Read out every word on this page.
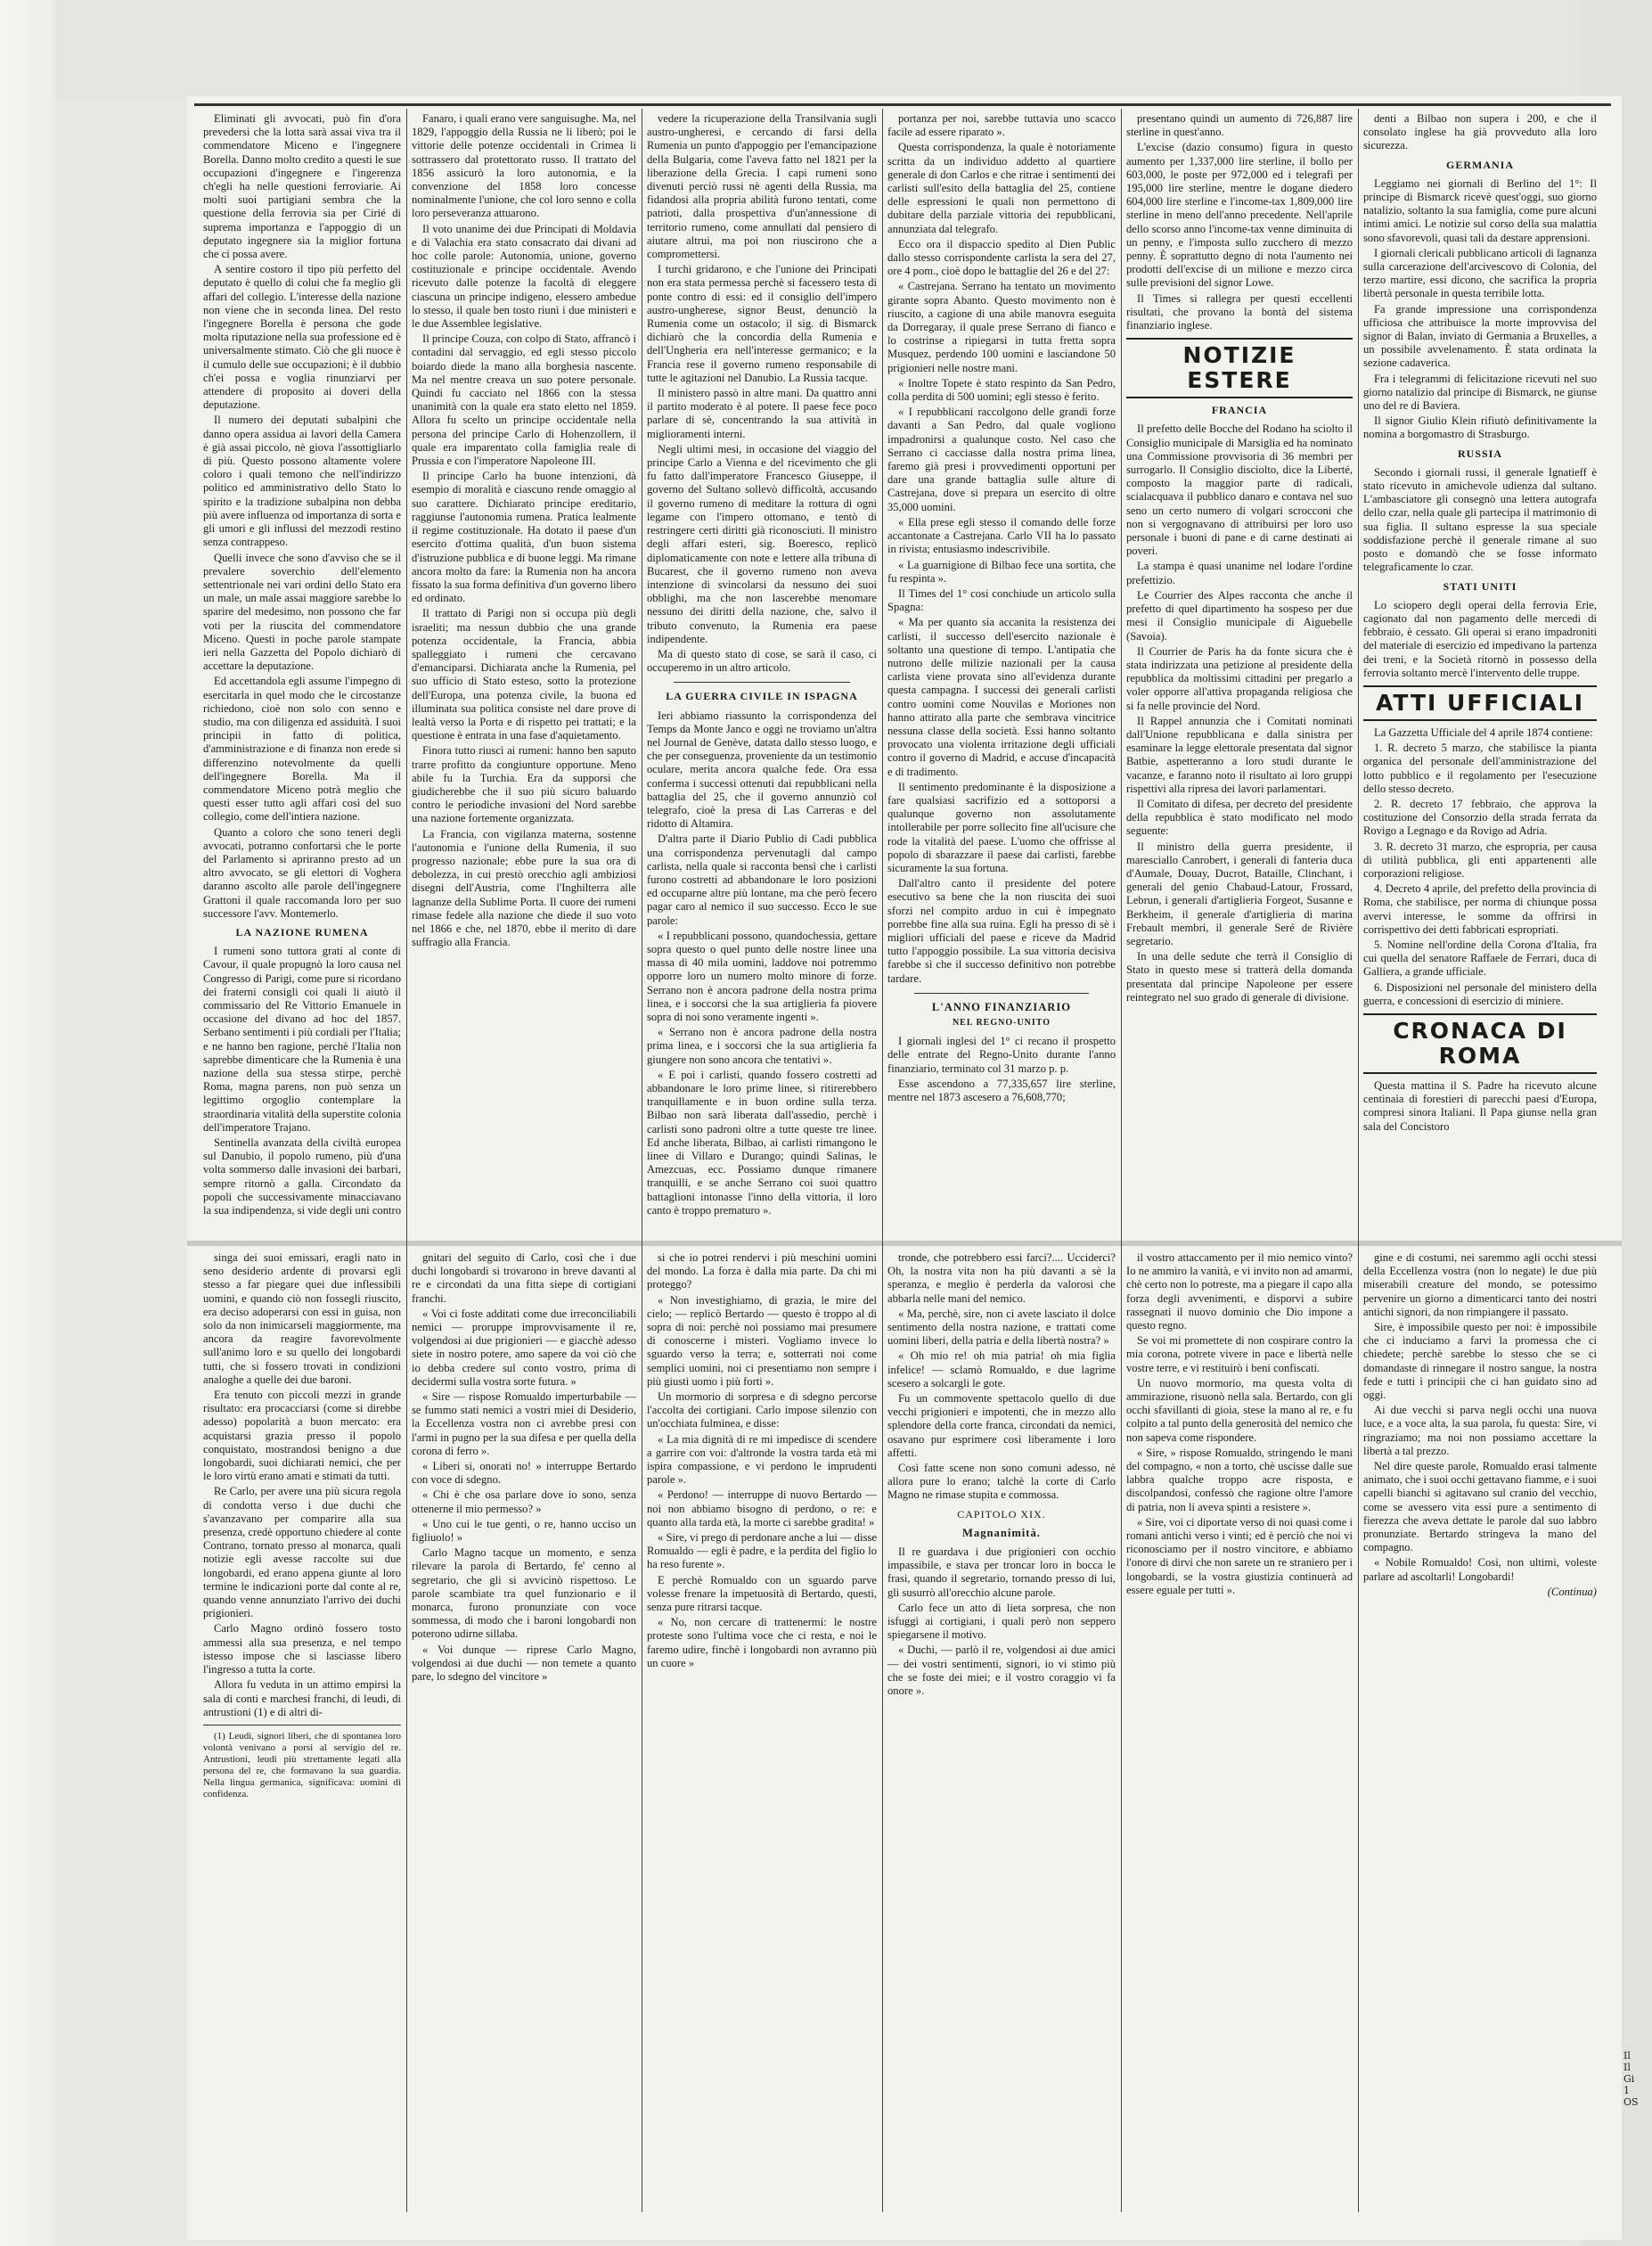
Eliminati gli avvocati, può fin d'ora prevedersi che la lotta sarà assai viva tra il commendatore Miceno e l'ingegnere Borella. Danno molto credito a questi le sue occupazioni d'ingegnere e l'ingerenza ch'egli ha nelle questioni ferroviarie. Ai molti suoi partigiani sembra che la questione della ferrovia sia per Cirié di suprema importanza e l'appoggio di un deputato ingegnere sia la miglior fortuna che ci possa avere.

A sentire costoro il tipo più perfetto del deputato è quello di colui che fa meglio gli affari del collegio. L'interesse della nazione non viene che in seconda linea. Del resto l'ingegnere Borella è persona che gode molta riputazione nella sua professione ed è universalmente stimato. Ciò che gli nuoce è il cumulo delle sue occupazioni; è il dubbio ch'ei possa e voglia rinunziarvi per attendere di proposito ai doveri della deputazione.

Il numero dei deputati subalpini che danno opera assidua ai lavori della Camera è già assai piccolo, nè giova l'assottigliarlo di più. Questo possono altamente volere coloro i quali temono che nell'indirizzo politico ed amministrativo dello Stato lo spirito e la tradizione subalpina non debba più avere influenza od importanza di sorta e gli umori e gli influssi del mezzodì restino senza contrappeso.

Quelli invece che sono d'avviso che se il prevalere soverchio dell'elemento settentrionale nei vari ordini dello Stato era un male, un male assai maggiore sarebbe lo sparire del medesimo, non possono che far voti per la riuscita del commendatore Miceno. Questi in poche parole stampate ieri nella Gazzetta del Popolo dichiarò di accettare la deputazione.

Ed accettandola egli assume l'impegno di esercitarla in quel modo che le circostanze richiedono, cioè non solo con senno e studio, ma con diligenza ed assiduità. I suoi principii in fatto di politica, d'amministrazione e di finanza non erede si differenzino notevolmente da quelli dell'ingegnere Borella. Ma il commendatore Miceno potrà meglio che questi esser tutto agli affari così del suo collegio, come dell'intiera nazione.

Quanto a coloro che sono teneri degli avvocati, potranno confortarsi che le porte del Parlamento si apriranno presto ad un altro avvocato, se gli elettori di Voghera daranno ascolto alle parole dell'ingegnere Grattoni il quale raccomanda loro per suo successore l'avv. Montemerlo.

LA NAZIONE RUMENA

I rumeni sono tuttora grati al conte di Cavour, il quale propugnò la loro causa nel Congresso di Parigi, come pure si ricordano dei fraterni consigli coi quali li aiutò il commissario del Re Vittorio Emanuele in occasione del divano ad hoc del 1857. Serbano sentimenti i più cordiali per l'Italia; e ne hanno ben ragione, perchè l'Italia non saprebbe dimenticare che la Rumenia è una nazione della sua stessa stirpe, perchè Roma, magna parens, non può senza un legittimo orgoglio contemplare la straordinaria vitalità della superstite colonia dell'imperatore Trajano.

Sentinella avanzata della civiltà europea sul Danubio, il popolo rumeno, più d'una volta sommerso dalle invasioni dei barbari, sempre ritornò a galla. Circondato da popoli che successivamente minacciavano la sua indipendenza, si vide degli uni contro

Fanaro, i quali erano vere sanguisughe. Ma, nel 1829, l'appoggio della Russia ne li liberò; poi le vittorie delle potenze occidentali in Crimea li sottrassero dal protettorato russo. Il trattato del 1856 assicurò la loro autonomia, e la convenzione del 1858 loro concesse nominalmente l'unione, che col loro senno e colla loro perseveranza attuarono.

Il voto unanime dei due Principati di Moldavia e di Valachia era stato consacrato dai divani ad hoc colle parole: Autonomia, unione, governo costituzionale e principe occidentale. Avendo ricevuto dalle potenze la facoltà di eleggere ciascuna un principe indigeno, elessero ambedue lo stesso, il quale ben tosto riunì i due ministeri e le due Assemblee legislative.

Il principe Couza, con colpo di Stato, affrancò i contadini dal servaggio, ed egli stesso piccolo boiardo diede la mano alla borghesia nascente. Ma nel mentre creava un suo potere personale. Quindi fu cacciato nel 1866 con la stessa unanimità con la quale era stato eletto nel 1859. Allora fu scelto un principe occidentale nella persona del principe Carlo di Hohenzollern, il quale era imparentato colla famiglia reale di Prussia e con l'imperatore Napoleone III.

Il principe Carlo ha buone intenzioni, dà esempio di moralità e ciascuno rende omaggio al suo carattere. Dichiarato principe ereditario, raggiunse l'autonomia rumena. Pratica lealmente il regime costituzionale. Ha dotato il paese d'un esercito d'ottima qualità, d'un buon sistema d'istruzione pubblica e di buone leggi. Ma rimane ancora molto da fare: la Rumenia non ha ancora fissato la sua forma definitiva d'un governo libero ed ordinato.

Il trattato di Parigi non si occupa più degli israeliti; ma nessun dubbio che una grande potenza occidentale, la Francia, abbia spalleggiato i rumeni che cercavano d'emanciparsi. Dichiarata anche la Rumenia, pel suo ufficio di Stato esteso, sotto la protezione dell'Europa, una potenza civile, la buona ed illuminata sua politica consiste nel dare prove di lealtà verso la Porta e di rispetto pei trattati; e la questione è entrata in una fase d'aquietamento.

Finora tutto riuscì ai rumeni: hanno ben saputo trarre profitto da congiunture opportune. Meno abile fu la Turchia. Era da supporsi che giudicherebbe che il suo più sicuro baluardo contro le periodiche invasioni del Nord sarebbe una nazione fortemente organizzata.

La Francia, con vigilanza materna, sostenne l'autonomia e l'unione della Rumenia, il suo progresso nazionale; ebbe pure la sua ora di debolezza, in cui prestò orecchio agli ambiziosi disegni dell'Austria, come l'Inghilterra alle lagnanze della Sublime Porta. Il cuore dei rumeni rimase fedele alla nazione che diede il suo voto nel 1866 e che, nel 1870, ebbe il merito di dare suffragio alla Francia.

vedere la ricuperazione della Transilvania sugli austro-ungheresi, e cercando di farsi della Rumenia un punto d'appoggio per l'emancipazione della Bulgaria, come l'aveva fatto nel 1821 per la liberazione della Grecia. I capi rumeni sono divenuti perciò russi nè agenti della Russia, ma fidandosi alla propria abilità furono tentati, come patrioti, dalla prospettiva d'un'annessione di territorio rumeno, come annullati dal pensiero di aiutare altrui, ma poi non riuscirono che a compromettersi.

I turchi gridarono, e che l'unione dei Principati non era stata permessa perchè si facessero testa di ponte contro di essi: ed il consiglio dell'impero austro-ungherese, signor Beust, denunciò la Rumenia come un ostacolo; il sig. di Bismarck dichiarò che la concordia della Rumenia e dell'Ungheria era nell'interesse germanico; e la Francia rese il governo rumeno responsabile di tutte le agitazioni nel Danubio. La Russia tacque.

Il ministero passò in altre mani. Da quattro anni il partito moderato è al potere. Il paese fece poco parlare di sè, concentrando la sua attività in miglioramenti interni.

Negli ultimi mesi, in occasione del viaggio del principe Carlo a Vienna e del ricevimento che gli fu fatto dall'imperatore Francesco Giuseppe, il governo del Sultano sollevò difficoltà, accusando il governo rumeno di meditare la rottura di ogni legame con l'impero ottomano, e tentò di restringere certi diritti già riconosciuti. Il ministro degli affari esteri, sig. Boeresco, replicò diplomaticamente con note e lettere alla tribuna di Bucarest, che il governo rumeno non aveva intenzione di svincolarsi da nessuno dei suoi obblighi, ma che non lascerebbe menomare nessuno dei diritti della nazione, che, salvo il tributo convenuto, la Rumenia era paese indipendente.

Ma di questo stato di cose, se sarà il caso, ci occuperemo in un altro articolo.

LA GUERRA CIVILE IN ISPAGNA

Ieri abbiamo riassunto la corrispondenza del Temps da Monte Janco e oggi ne troviamo un'altra nel Journal de Genève, datata dallo stesso luogo, e che per conseguenza, proveniente da un testimonio oculare, merita ancora qualche fede. Ora essa conferma i successi ottenuti dai repubblicani nella battaglia del 25, che il governo annunziò col telegrafo, cioè la presa di Las Carreras e del ridotto di Altamira.

D'altra parte il Diario Publio di Cadi pubblica una corrispondenza pervenutagli dal campo carlista, nella quale si racconta bensì che i carlisti furono costretti ad abbandonare le loro posizioni ed occuparne altre più lontane, ma che però fecero pagar caro al nemico il suo successo. Ecco le sue parole:

« I repubblicani possono, quandochessia, gettare sopra questo o quel punto delle nostre linee una massa di 40 mila uomini, laddove noi potremmo opporre loro un numero molto minore di forze. Serrano non è ancora padrone della nostra prima linea, e i soccorsi che la sua artiglieria fa piovere sopra di noi sono veramente ingenti ».

« Serrano non è ancora padrone della nostra prima linea, e i soccorsi che la sua artiglieria fa giungere non sono ancora che tentativi ».

« E poi i carlisti, quando fossero costretti ad abbandonare le loro prime linee, si ritirerebbero tranquillamente e in buon ordine sulla terza. Bilbao non sarà liberata dall'assedio, perchè i carlisti sono padroni oltre a tutte queste tre linee. Ed anche liberata, Bilbao, ai carlisti rimangono le linee di Villaro e Durango; quindi Salinas, le Amezcuas, ecc. Possiamo dunque rimanere tranquilli, e se anche Serrano coi suoi quattro battaglioni intonasse l'inno della vittoria, il loro canto è troppo prematuro ».

portanza per noi, sarebbe tuttavia uno scacco facile ad essere riparato ».

Questa corrispondenza, la quale è notoriamente scritta da un individuo addetto al quartiere generale di don Carlos e che ritrae i sentimenti dei carlisti sull'esito della battaglia del 25, contiene delle espressioni le quali non permettono di dubitare della parziale vittoria dei repubblicani, annunziata dal telegrafo.

Ecco ora il dispaccio spedito al Dien Public dallo stesso corrispondente carlista la sera del 27, ore 4 pom., cioè dopo le battaglie del 26 e del 27:

« Castrejana. Serrano ha tentato un movimento girante sopra Abanto. Questo movimento non è riuscito, a cagione di una abile manovra eseguita da Dorregaray, il quale prese Serrano di fianco e lo costrinse a ripiegarsi in tutta fretta sopra Musquez, perdendo 100 uomini e lasciandone 50 prigionieri nelle nostre mani.

« Inoltre Topete è stato respinto da San Pedro, colla perdita di 500 uomini; egli stesso è ferito.

« I repubblicani raccolgono delle grandi forze davanti a San Pedro, dal quale vogliono impadronirsi a qualunque costo. Nel caso che Serrano ci cacciasse dalla nostra prima linea, faremo già presi i provvedimenti opportuni per dare una grande battaglia sulle alture di Castrejana, dove si prepara un esercito di oltre 35,000 uomini.

« Ella prese egli stesso il comando delle forze accantonate a Castrejana. Carlo VII ha lo passato in rivista; entusiasmo indescrivibile.

« La guarnigione di Bilbao fece una sortita, che fu respinta ».

Il Times del 1° cosi conchiude un articolo sulla Spagna:

« Ma per quanto sia accanita la resistenza dei carlisti, il successo dell'esercito nazionale è soltanto una questione di tempo. L'antipatia che nutrono delle milizie nazionali per la causa carlista viene provata sino all'evidenza durante questa campagna. I successi dei generali carlisti contro uomini come Nouvilas e Moriones non hanno attirato alla parte che sembrava vincitrice nessuna classe della società. Essi hanno soltanto provocato una violenta irritazione degli ufficiali contro il governo di Madrid, e accuse d'incapacità e di tradimento.

Il sentimento predominante è la disposizione a fare qualsiasi sacrifizio ed a sottoporsi a qualunque governo non assolutamente intollerabile per porre sollecito fine all'ucisure che rode la vitalità del paese. L'uomo che offrisse al popolo di sbarazzare il paese dai carlisti, farebbe sicuramente la sua fortuna.

Dall'altro canto il presidente del potere esecutivo sa bene che la non riuscita dei suoi sforzi nel compito arduo in cui è impegnato porrebbe fine alla sua ruina. Egli ha presso di sè i migliori ufficiali del paese e riceve da Madrid tutto l'appoggio possibile. La sua vittoria decisiva farebbe sì che il successo definitivo non potrebbe tardare.

L'ANNO FINANZIARIO
NEL REGNO-UNITO

I giornali inglesi del 1° ci recano il prospetto delle entrate del Regno-Unito durante l'anno finanziario, terminato col 31 marzo p. p.

Esse ascendono a 77,335,657 lire sterline, mentre nel 1873 ascesero a 76,608,770;

presentano quindi un aumento di 726,887 lire sterline in quest'anno.

L'excise (dazio consumo) figura in questo aumento per 1,337,000 lire sterline, il bollo per 603,000, le poste per 972,000 ed i telegrafi per 195,000 lire sterline, mentre le dogane diedero 604,000 lire sterline e l'income-tax 1,809,000 lire sterline in meno dell'anno precedente. Nell'aprile dello scorso anno l'income-tax venne diminuita di un penny, e l'imposta sullo zucchero di mezzo penny. È soprattutto degno di nota l'aumento nei prodotti dell'excise di un milione e mezzo circa sulle previsioni del signor Lowe.

Il Times si rallegra per questi eccellenti risultati, che provano la bontà del sistema finanziario inglese.

NOTIZIE ESTERE
FRANCIA

Il prefetto delle Bocche del Rodano ha sciolto il Consiglio municipale di Marsiglia ed ha nominato una Commissione provvisoria di 36 membri per surrogarlo. Il Consiglio disciolto, dice la Liberté, composto la maggior parte di radicali, scialacquava il pubblico danaro e contava nel suo seno un certo numero di volgari scrocconi che non si vergognavano di attribuirsi per loro uso personale i buoni di pane e di carne destinati ai poveri.

La stampa è quasi unanime nel lodare l'ordine prefettizio.

Le Courrier des Alpes racconta che anche il prefetto di quel dipartimento ha sospeso per due mesi il Consiglio municipale di Aiguebelle (Savoia).

Il Courrier de Paris ha da fonte sicura che è stata indirizzata una petizione al presidente della repubblica da moltissimi cittadini per pregarlo a voler opporre all'attiva propaganda religiosa che si fa nelle provincie del Nord.

Il Rappel annunzia che i Comitati nominati dall'Unione repubblicana e dalla sinistra per esaminare la legge elettorale presentata dal signor Batbie, aspetteranno a loro studi durante le vacanze, e faranno noto il risultato ai loro gruppi rispettivi alla ripresa dei lavori parlamentari.

Il Comitato di difesa, per decreto del presidente della repubblica è stato modificato nel modo seguente:

Il ministro della guerra presidente, il maresciallo Canrobert, i generali di fanteria duca d'Aumale, Douay, Ducrot, Bataille, Clinchant, i generali del genio Chabaud-Latour, Frossard, Lebrun, i generali d'artiglieria Forgeot, Susanne e Berkheim, il generale d'artiglieria di marina Frebault membri, il generale Seré de Rivière segretario.

In una delle sedute che terrà il Consiglio di Stato in questo mese si tratterà della domanda presentata dal principe Napoleone per essere reintegrato nel suo grado di generale di divisione.

denti a Bilbao non supera i 200, e che il consolato inglese ha già provveduto alla loro sicurezza.

GERMANIA

Leggiamo nei giornali di Berlino del 1°: Il principe di Bismarck ricevè quest'oggi, suo giorno natalizio, soltanto la sua famiglia, come pure alcuni intimi amici. Le notizie sul corso della sua malattia sono sfavorevoli, quasi tali da destare apprensioni.

I giornali clericali pubblicano articoli di lagnanza sulla carcerazione dell'arcivescovo di Colonia, del terzo martire, essi dicono, che sacrifica la propria libertà personale in questa terribile lotta.

Fa grande impressione una corrispondenza ufficiosa che attribuisce la morte improvvisa del signor di Balan, inviato di Germania a Bruxelles, a un possibile avvelenamento. È stata ordinata la sezione cadaverica.

Fra i telegrammi di felicitazione ricevuti nel suo giorno natalizio dal principe di Bismarck, ne giunse uno del re di Baviera.

Il signor Giulio Klein rifiutò definitivamente la nomina a borgomastro di Strasburgo.

RUSSIA

Secondo i giornali russi, il generale Ignatieff è stato ricevuto in amichevole udienza dal sultano. L'ambasciatore gli consegnò una lettera autografa dello czar, nella quale gli partecipa il matrimonio di sua figlia. Il sultano espresse la sua speciale soddisfazione perchè il generale rimane al suo posto e domandò che se fosse informato telegraficamente lo czar.

STATI UNITI

Lo sciopero degli operai della ferrovia Erie, cagionato dal non pagamento delle mercedi di febbraio, è cessato. Gli operai si erano impadroniti del materiale di esercizio ed impedivano la partenza dei treni, e la Società ritornò in possesso della ferrovia soltanto mercè l'intervento delle truppe.

ATTI UFFICIALI

La Gazzetta Ufficiale del 4 aprile 1874 contiene:

1. R. decreto 5 marzo, che stabilisce la pianta organica del personale dell'amministrazione del lotto pubblico e il regolamento per l'esecuzione dello stesso decreto.

2. R. decreto 17 febbraio, che approva la costituzione del Consorzio della strada ferrata da Rovigo a Legnago e da Rovigo ad Adria.

3. R. decreto 31 marzo, che espropria, per causa di utilità pubblica, gli enti appartenenti alle corporazioni religiose.

4. Decreto 4 aprile, del prefetto della provincia di Roma, che stabilisce, per norma di chiunque possa avervi interesse, le somme da offrirsi in corrispettivo dei detti fabbricati espropriati.

5. Nomine nell'ordine della Corona d'Italia, fra cui quella del senatore Raffaele de Ferrari, duca di Galliera, a grande ufficiale.

6. Disposizioni nel personale del ministero della guerra, e concessioni di esercizio di miniere.

CRONACA DI ROMA

Questa mattina il S. Padre ha ricevuto alcune centinaia di forestieri di parecchi paesi d'Europa, compresi sinora Italiani. Il Papa giunse nella gran sala del Concistoro

singa dei suoi emissari, eragli nato in seno desiderio ardente di provarsi egli stesso a far piegare quei due inflessibili uomini, e quando ciò non fossegli riuscito, era deciso adoperarsi con essi in guisa, non solo da non inimicarseli maggiormente, ma ancora da reagire favorevolmente sull'animo loro e su quello dei longobardi tutti, che si fossero trovati in condizioni analoghe a quelle dei due baroni.

Era tenuto con piccoli mezzi in grande risultato: era procacciarsi (come si direbbe adesso) popolarità a buon mercato: era acquistarsi grazia presso il popolo conquistato, mostrandosi benigno a due longobardi, suoi dichiarati nemici, che per le loro virtù erano amati e stimati da tutti.

Re Carlo, per avere una più sicura regola di condotta verso i due duchi che s'avanzavano per comparire alla sua presenza, credè opportuno chiedere al conte Contrano, tornato presso al monarca, quali notizie egli avesse raccolte sui due longobardi, ed erano appena giunte al loro termine le indicazioni porte dal conte al re, quando venne annunziato l'arrivo dei duchi prigionieri.

Carlo Magno ordinò fossero tosto ammessi alla sua presenza, e nel tempo istesso impose che si lasciasse libero l'ingresso a tutta la corte.

Allora fu veduta in un attimo empirsi la sala di conti e marchesi franchi, di leudi, di antrustioni (1) e di altri di-

(1) Leudi, signori liberi, che di spontanea loro volontà venivano a porsi al servigio del re. Antrustioni, leudi più strettamente legati alla persona del re, che formavano la sua guardia. Nella lingua germanica, significava: uomini di confidenza.

gnitari del seguito di Carlo, così che i due duchi longobardi si trovarono in breve davanti al re e circondati da una fitta siepe di cortigiani franchi.

« Voi ci foste additati come due irreconciliabili nemici — proruppe improvvisamente il re, volgendosi ai due prigionieri — e giacchè adesso siete in nostro potere, amo sapere da voi ciò che io debba credere sul conto vostro, prima di decidermi sulla vostra sorte futura. »

« Sire — rispose Romualdo imperturbabile — se fummo stati nemici a vostri miei di Desiderio, la Eccellenza vostra non ci avrebbe presi con l'armi in pugno per la sua difesa e per quella della corona di ferro ».

« Liberi si, onorati no! » interruppe Bertardo con voce di sdegno.

« Chi è che osa parlare dove io sono, senza ottenerne il mio permesso? »

« Uno cui le tue genti, o re, hanno ucciso un figliuolo! »

Carlo Magno tacque un momento, e senza rilevare la parola di Bertardo, fe' cenno al segretario, che gli si avvicinò rispettoso. Le parole scambiate tra quel funzionario e il monarca, furono pronunziate con voce sommessa, di modo che i baroni longobardi non poterono udirne sillaba.

« Voi dunque — riprese Carlo Magno, volgendosi ai due duchi — non temete a quanto pare, lo sdegno del vincitore »

si che io potrei rendervi i più meschini uomini del mondo. La forza è dalla mia parte. Da chi mi proteggo?

« Non investighiamo, di grazia, le mire del cielo; — replicò Bertardo — questo è troppo al di sopra di noi: perchè noi possiamo mai presumere di conoscerne i misteri. Vogliamo invece lo sguardo verso la terra; e, sotterrati noi come semplici uomini, noi ci presentiamo non sempre i più giusti uomo i più forti ».

Un mormorio di sorpresa e di sdegno percorse l'accolta dei cortigiani. Carlo impose silenzio con un'occhiata fulminea, e disse:

« La mia dignità di re mi impedisce di scendere a garrire con voi: d'altronde la vostra tarda età mi ispira compassione, e vi perdono le imprudenti parole ».

« Perdono! — interruppe di nuovo Bertardo — noi non abbiamo bisogno di perdono, o re: e quanto alla tarda età, la morte ci sarebbe gradita! »

« Sire, vi prego di perdonare anche a lui — disse Romualdo — egli è padre, e la perdita del figlio lo ha reso furente ».

E perchè Romualdo con un sguardo parve volesse frenare la impetuosità di Bertardo, questi, senza pure ritrarsi tacque.

« No, non cercare di trattenermi: le nostre proteste sono l'ultima voce che ci resta, e noi le faremo udire, finchè i longobardi non avranno più un cuore »

tronde, che potrebbero essi farci?.... Ucciderci? Oh, la nostra vita non ha più davanti a sè la speranza, e meglio è perderla da valorosi che abbarla nelle mani del nemico.

« Ma, perchè, sire, non ci avete lasciato il dolce sentimento della nostra nazione, e trattati come uomini liberi, della patria e della libertà nostra? »

« Oh mio re! oh mia patria! oh mia figlia infelice! — sclamò Romualdo, e due lagrime scesero a solcargli le gote.

Fu un commovente spettacolo quello di due vecchi prigionieri e impotenti, che in mezzo allo splendore della corte franca, circondati da nemici, osavano pur esprimere così liberamente i loro affetti.

Così fatte scene non sono comuni adesso, nè allora pure lo erano; talchè la corte di Carlo Magno ne rimase stupita e commossa.

CAPITOLO XIX.
Magnanimità.

Il re guardava i due prigionieri con occhio impassibile, e stava per troncar loro in bocca le frasi, quando il segretario, tornando presso di lui, gli susurrò all'orecchio alcune parole.

Carlo fece un atto di lieta sorpresa, che non isfuggì ai cortigiani, i quali però non seppero spiegarsene il motivo.

« Duchi, — parlò il re, volgendosi ai due amici — dei vostri sentimenti, signori, io vi stimo più che se foste dei miei; e il vostro coraggio vi fa onore ».

il vostro attaccamento per il mio nemico vinto? Io ne ammiro la vanità, e vi invito non ad amarmi, chè certo non lo potreste, ma a piegare il capo alla forza degli avvenimenti, e disporvi a subire rassegnati il nuovo dominio che Dio impone a questo regno.

Se voi mi promettete di non cospirare contro la mia corona, potrete vivere in pace e libertà nelle vostre terre, e vi restituirò i beni confiscati.

Un nuovo mormorio, ma questa volta di ammirazione, risuonò nella sala. Bertardo, con gli occhi sfavillanti di gioia, stese la mano al re, e fu colpito a tal punto della generosità del nemico che non sapeva come rispondere.

« Sire, » rispose Romualdo, stringendo le mani del compagno, « non a torto, chè uscisse dalle sue labbra qualche troppo acre risposta, e discolpandosi, confessò che ragione oltre l'amore di patria, non li aveva spinti a resistere ».

« Sire, voi ci diportate verso di noi quasi come i romani antichi verso i vinti; ed è perciò che noi vi riconosciamo per il nostro vincitore, e abbiamo l'onore di dirvi che non sarete un re straniero per i longobardi, se la vostra giustizia continuerà ad essere eguale per tutti ».

gine e di costumi, nei saremmo agli occhi stessi della Eccellenza vostra (non lo negate) le due più miserabili creature del mondo, se potessimo pervenire un giorno a dimenticarci tanto dei nostri antichi signori, da non rimpiangere il passato.

Sire, è impossibile questo per noi: è impossibile che ci induciamo a farvi la promessa che ci chiedete; perchè sarebbe lo stesso che se ci domandaste di rinnegare il nostro sangue, la nostra fede e tutti i principii che ci han guidato sino ad oggi.

Ai due vecchi si parva negli occhi una nuova luce, e a voce alta, la sua parola, fu questa: Sire, vi ringraziamo; ma noi non possiamo accettare la libertà a tal prezzo.

Nel dire queste parole, Romualdo erasi talmente animato, che i suoi occhi gettavano fiamme, e i suoi capelli bianchi si agitavano sul cranio del vecchio, come se avessero vita essi pure a sentimento di fierezza che aveva dettate le parole dal suo labbro pronunziate. Bertardo stringeva la mano del compagno.

« Nobile Romualdo! Così, non ultimi, voleste parlare ad ascoltarli! Longobardi!

(Continua)

Il
Il
Gi
1
OS
